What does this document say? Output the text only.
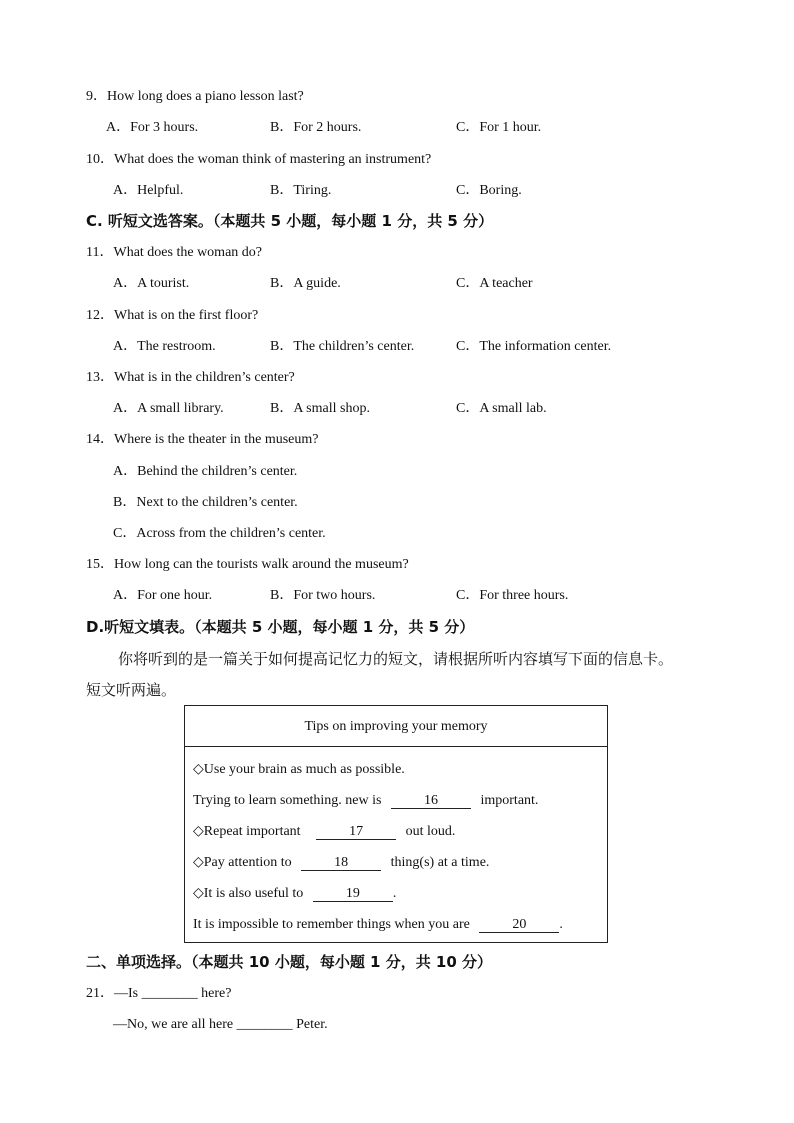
9．How long does a piano lesson last?
A．For 3 hours.	B．For 2 hours.	C．For 1 hour.
10．What does the woman think of mastering an instrument?
A．Helpful.	B．Tiring.	C．Boring.
C. 听短文选答案。（本题共 5 小题，每小题 1 分，共 5 分）
11．What does the woman do?
A．A tourist.	B．A guide.	C．A teacher
12．What is on the first floor?
A．The restroom.	B．The children’s center.	C．The information center.
13．What is in the children’s center?
A．A small library.	B．A small shop.	C．A small lab.
14．Where is the theater in the museum?
A．Behind the children’s center.
B．Next to the children’s center.
C．Across from the children’s center.
15．How long can the tourists walk around the museum?
A．For one hour.	B．For two hours.	C．For three hours.
D.听短文填表。（本题共 5 小题，每小题 1 分，共 5 分）
你将听到的是一篇关于如何提高记忆力的短文，请根据所听内容填写下面的信息卡。
短文听两遍。
Tips on improving your memory
◇Use your brain as much as possible.
Trying to learn something. new is	16	important.
◇Repeat important	17	out loud.
◇Pay attention to	18	thing(s) at a time.
◇It is also useful to	19 .
It is impossible to remember things when you are	20 .
二、单项选择。（本题共 10 小题，每小题 1 分，共 10 分）
21．—Is ________ here?
—No, we are all here ________ Peter.
